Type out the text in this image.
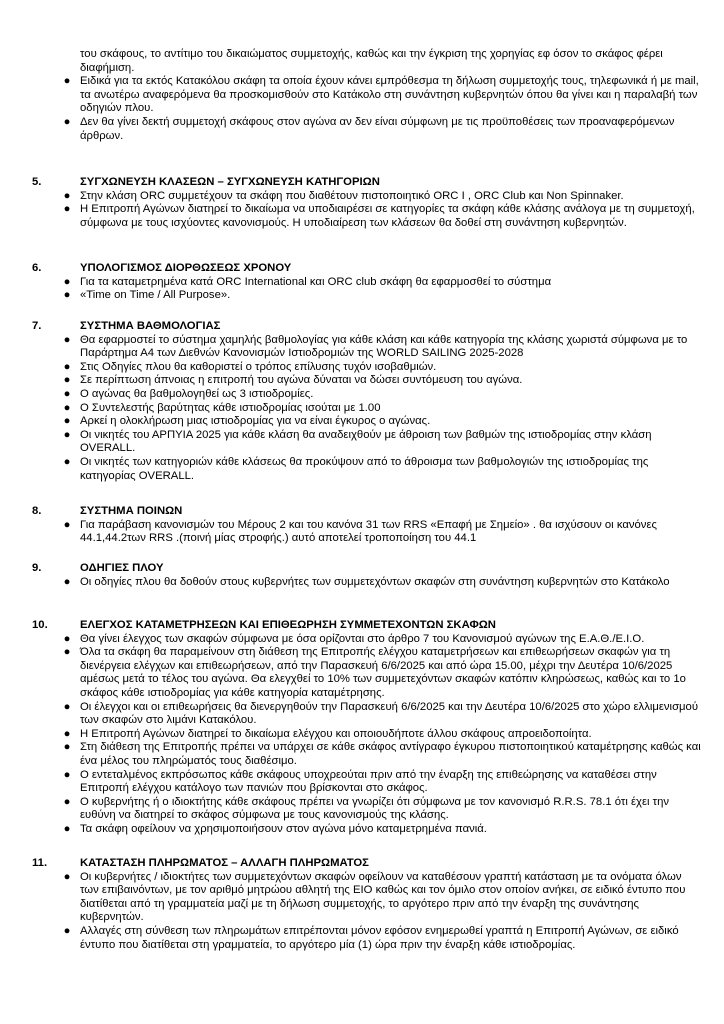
του σκάφους, το αντίτιμο του δικαιώματος συμμετοχής, καθώς και την έγκριση της χορηγίας εφ όσον το σκάφος φέρει διαφήμιση.

● Ειδικά για τα εκτός Κατακόλου σκάφη τα οποία έχουν κάνει εμπρόθεσμα τη δήλωση συμμετοχής τους, τηλεφωνικά ή με mail, τα ανωτέρω αναφερόμενα θα προσκομισθούν στο Κατάκολο στη συνάντηση κυβερνητών όπου θα γίνει και η παραλαβή των οδηγιών πλου.
● Δεν θα γίνει δεκτή συμμετοχή σκάφους στον αγώνα αν δεν είναι σύμφωνη με τις προϋποθέσεις των προαναφερόμενων άρθρων.
5.	ΣΥΓΧΩΝΕΥΣΗ ΚΛΑΣΕΩΝ – ΣΥΓΧΩΝΕΥΣΗ ΚΑΤΗΓΟΡΙΩΝ
● Στην κλάση ORC συμμετέχουν τα σκάφη που διαθέτουν πιστοποιητικό ORC I , ORC Club και Non Spinnaker.
● Η Επιτροπή Αγώνων διατηρεί το δικαίωμα να υποδιαιρέσει σε κατηγορίες τα σκάφη κάθε κλάσης ανάλογα με τη συμμετοχή, σύμφωνα με τους ισχύοντες κανονισμούς. Η υποδιαίρεση των κλάσεων θα δοθεί στη συνάντηση κυβερνητών.
6.	ΥΠΟΛΟΓΙΣΜΟΣ ΔΙΟΡΘΩΣΕΩΣ ΧΡΟΝΟΥ
● Για τα καταμετρημένα κατά ORC International και ORC club σκάφη θα εφαρμοσθεί το σύστημα
● «Time on Time / All Purpose».
7.	ΣΥΣΤΗΜΑ ΒΑΘΜΟΛΟΓΙΑΣ
● Θα εφαρμοστεί το σύστημα χαμηλής βαθμολογίας για κάθε κλάση και κάθε κατηγορία της κλάσης χωριστά σύμφωνα με το Παράρτημα Α4 των Διεθνών Κανονισμών Ιστιοδρομιών της WORLD SAILING 2025-2028
● Στις Οδηγίες πλου θα καθοριστεί ο τρόπος επίλυσης τυχόν ισοβαθμιών.
● Σε περίπτωση άπνοιας η επιτροπή του αγώνα δύναται να δώσει συντόμευση του αγώνα.
● Ο αγώνας θα βαθμολογηθεί ως 3 ιστιοδρομίες.
● Ο Συντελεστής βαρύτητας κάθε ιστιοδρομίας ισούται με 1.00
● Αρκεί η ολοκλήρωση μιας ιστιοδρομίας για να είναι έγκυρος ο αγώνας.
● Οι νικητές του ΑΡΠΥΙΑ 2025 για κάθε κλάση θα αναδειχθούν με άθροιση των βαθμών της ιστιοδρομίας στην κλάση OVERALL.
● Οι νικητές των κατηγοριών κάθε κλάσεως θα προκύψουν από το άθροισμα των βαθμολογιών της ιστιοδρομίας της κατηγορίας OVERALL.
8.	ΣΥΣΤΗΜΑ ΠΟΙΝΩΝ
● Για παράβαση κανονισμών του Μέρους 2 και του κανόνα 31 των RRS «Επαφή με Σημείο» . θα ισχύσουν οι κανόνες 44.1,44.2των RRS .(ποινή μίας στροφής.) αυτό αποτελεί τροποποίηση του 44.1
9.	ΟΔΗΓΙΕΣ ΠΛΟΥ
● Οι οδηγίες πλου θα δοθούν στους κυβερνήτες των συμμετεχόντων σκαφών στη συνάντηση κυβερνητών στο Κατάκολο
10.	ΕΛΕΓΧΟΣ ΚΑΤΑΜΕΤΡΗΣΕΩΝ ΚΑΙ ΕΠΙΘΕΩΡΗΣΗ ΣΥΜΜΕΤΕΧΟΝΤΩΝ ΣΚΑΦΩΝ
● Θα γίνει έλεγχος των σκαφών σύμφωνα με όσα ορίζονται στο άρθρο 7 του Κανονισμού αγώνων της Ε.Α.Θ./Ε.Ι.Ο.
● Όλα τα σκάφη θα παραμείνουν στη διάθεση της Επιτροπής ελέγχου καταμετρήσεων και επιθεωρήσεων σκαφών για τη διενέργεια ελέγχων και επιθεωρήσεων, από την Παρασκευή 6/6/2025 και από ώρα 15.00, μέχρι την Δευτέρα 10/6/2025 αμέσως μετά το τέλος του αγώνα. Θα ελεγχθεί το 10% των συμμετεχόντων σκαφών κατόπιν κληρώσεως, καθώς και το 1ο σκάφος κάθε ιστιοδρομίας για κάθε κατηγορία καταμέτρησης.
● Οι έλεγχοι και οι επιθεωρήσεις θα διενεργηθούν την Παρασκευή 6/6/2025 και την Δευτέρα 10/6/2025 στο χώρο ελλιμενισμού των σκαφών στο λιμάνι Κατακόλου.
● Η Επιτροπή Αγώνων διατηρεί το δικαίωμα ελέγχου και οποιουδήποτε άλλου σκάφους απροειδοποίητα.
● Στη διάθεση της Επιτροπής πρέπει να υπάρχει σε κάθε σκάφος αντίγραφο έγκυρου πιστοποιητικού καταμέτρησης καθώς και ένα μέλος του πληρώματός τους διαθέσιμο.
● Ο εντεταλμένος εκπρόσωπος κάθε σκάφους υποχρεούται πριν από την έναρξη της επιθεώρησης να καταθέσει στην Επιτροπή ελέγχου κατάλογο των πανιών που βρίσκονται στο σκάφος.
● Ο κυβερνήτης ή ο ιδιοκτήτης κάθε σκάφους πρέπει να γνωρίζει ότι σύμφωνα με τον κανονισμό R.R.S. 78.1 ότι έχει την ευθύνη να διατηρεί το σκάφος σύμφωνα με τους κανονισμούς της κλάσης.
● Τα σκάφη οφείλουν να χρησιμοποιήσουν στον αγώνα μόνο καταμετρημένα πανιά.
11.	ΚΑΤΑΣΤΑΣΗ ΠΛΗΡΩΜΑΤΟΣ – ΑΛΛΑΓΗ ΠΛΗΡΩΜΑΤΟΣ
● Οι κυβερνήτες / ιδιοκτήτες των συμμετεχόντων σκαφών οφείλουν να καταθέσουν γραπτή κατάσταση με τα ονόματα όλων των επιβαινόντων, με τον αριθμό μητρώου αθλητή της ΕΙΟ καθώς και τον όμιλο στον οποίον ανήκει, σε ειδικό έντυπο που διατίθεται από τη γραμματεία μαζί με τη δήλωση συμμετοχής, το αργότερο πριν από την έναρξη της συνάντησης κυβερνητών.
● Αλλαγές στη σύνθεση των πληρωμάτων επιτρέπονται μόνον εφόσον ενημερωθεί γραπτά η Επιτροπή Αγώνων, σε ειδικό έντυπο που διατίθεται στη γραμματεία, το αργότερο μία (1) ώρα πριν την έναρξη κάθε ιστιοδρομίας.
